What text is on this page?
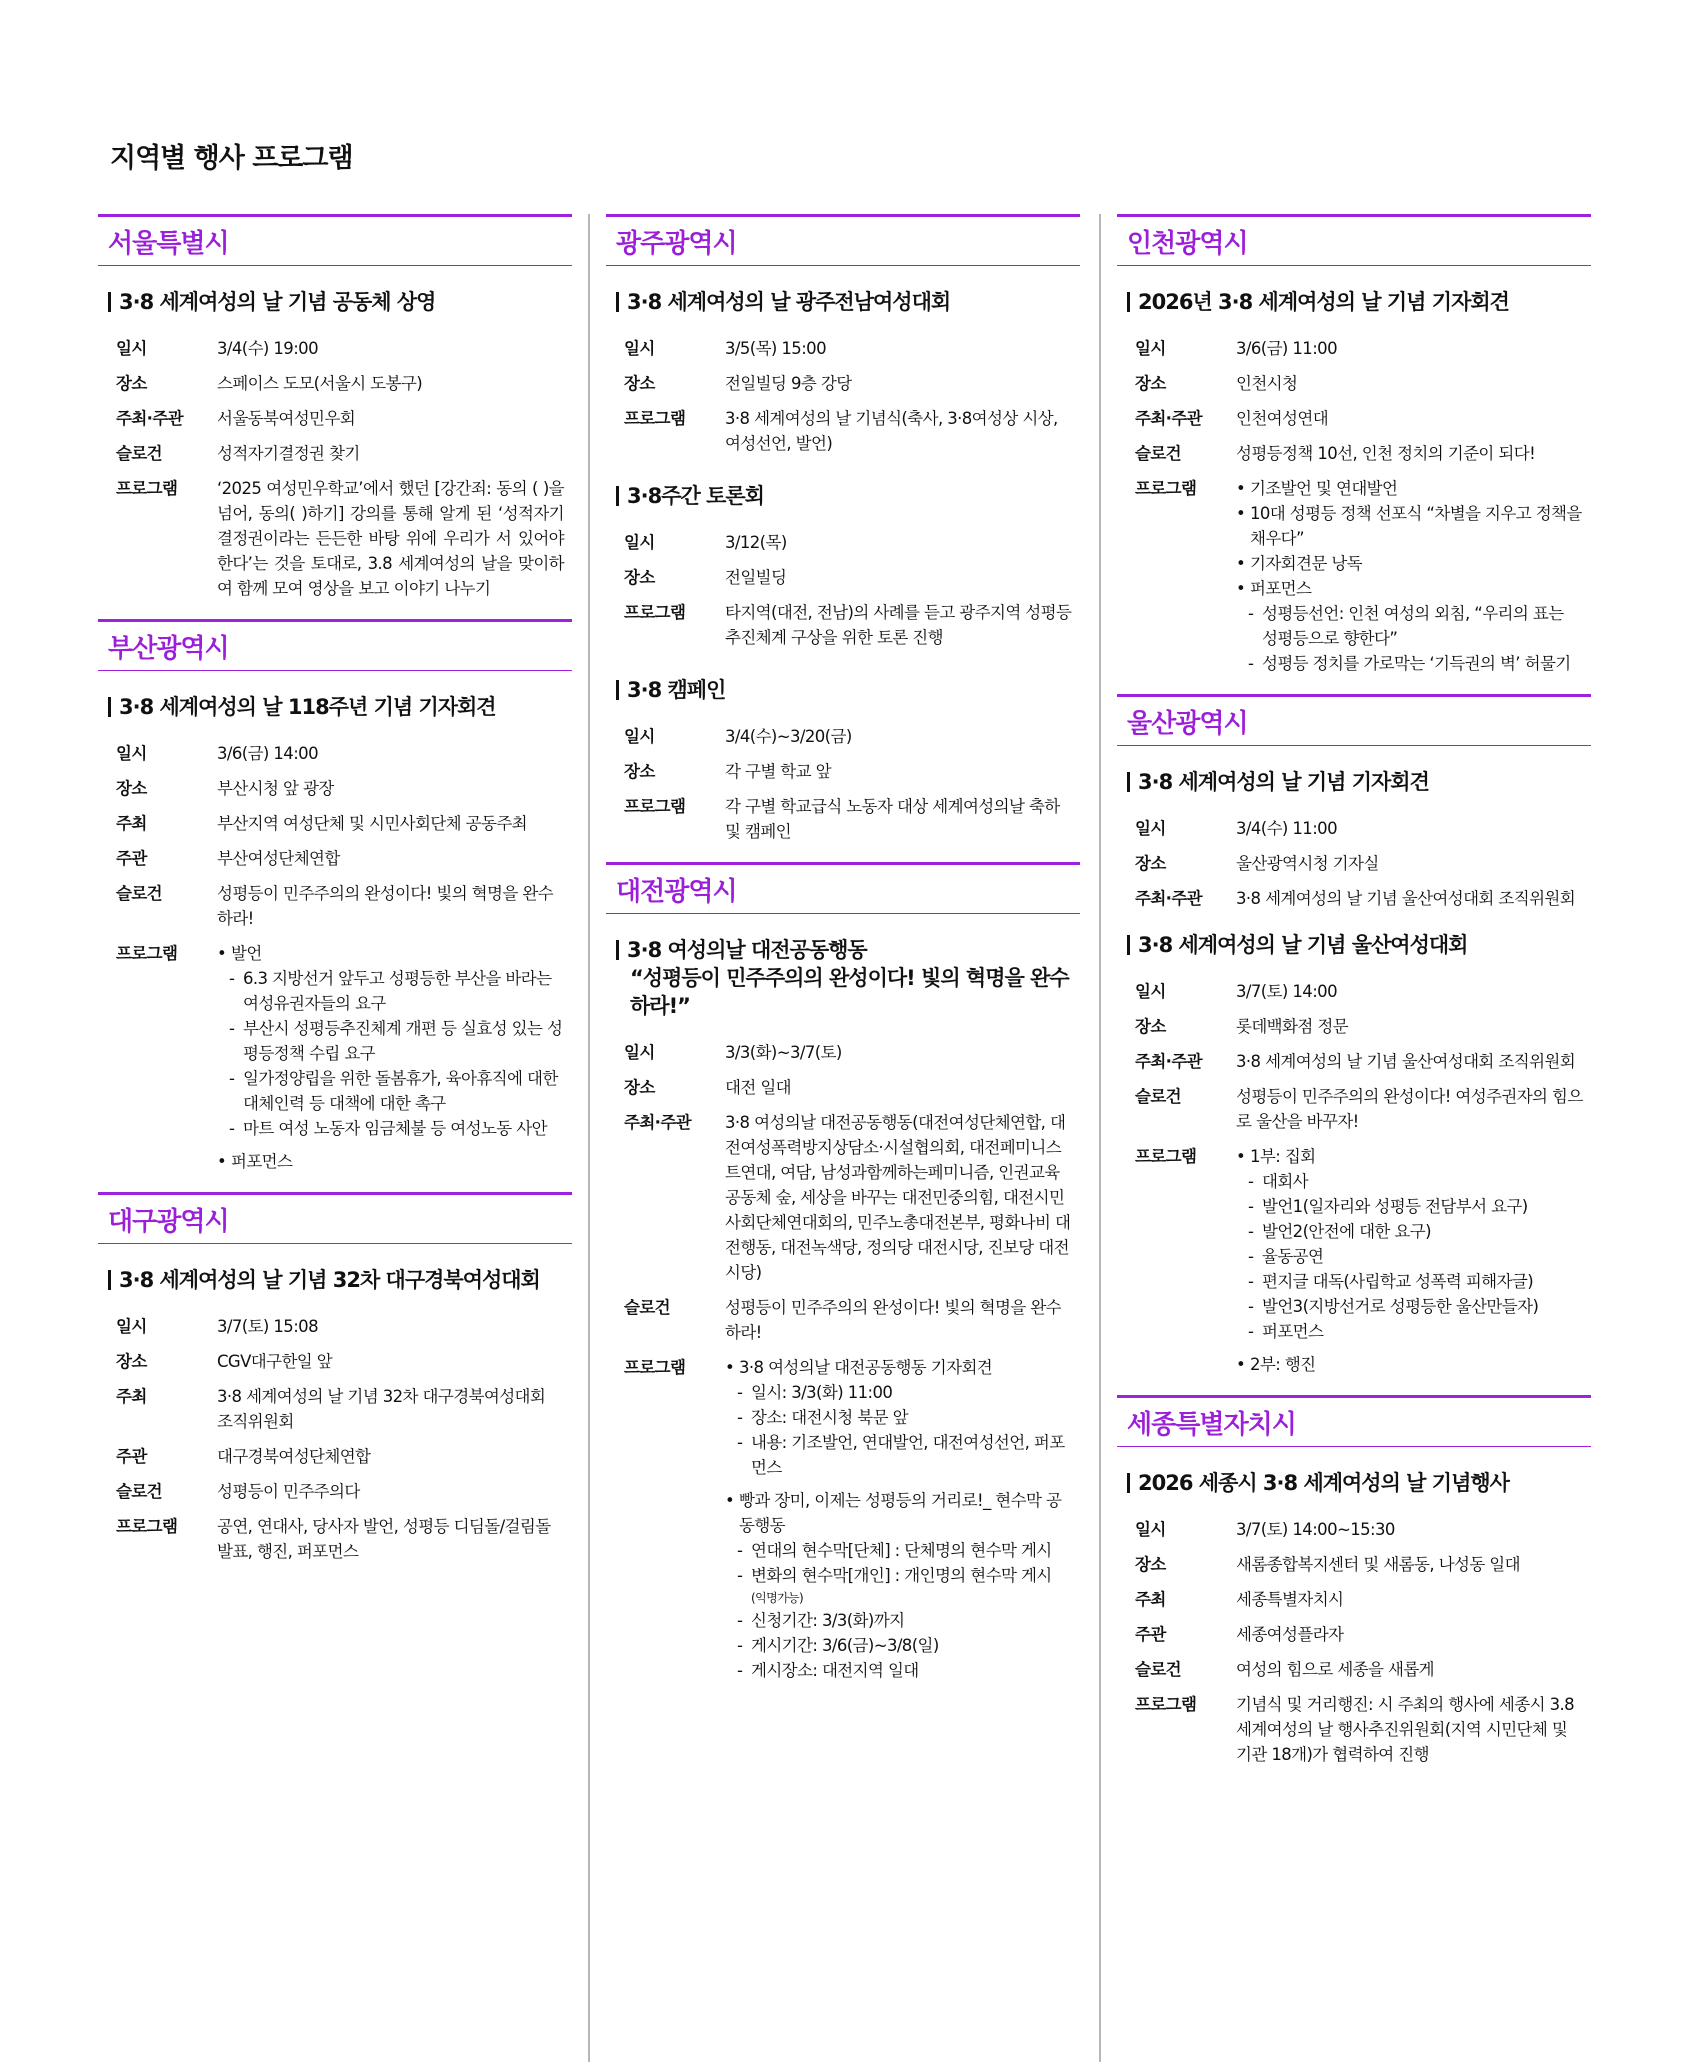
지역별 행사 프로그램
서울특별시
3·8 세계여성의 날 기념 공동체 상영
일시	3/4(수) 19:00
장소	스페이스 도모(서울시 도봉구)
주최·주관	서울동북여성민우회
슬로건	성적자기결정권 찾기
프로그램	‘2025 여성민우학교’에서 했던 [강간죄: 동의 ( )을 넘어, 동의( )하기] 강의를 통해 알게 된 ‘성적자기결정권이라는 든든한 바탕 위에 우리가 서 있어야 한다’는 것을 토대로, 3.8 세계여성의 날을 맞이하여 함께 모여 영상을 보고 이야기 나누기
부산광역시
3·8 세계여성의 날 118주년 기념 기자회견
일시	3/6(금) 14:00
장소	부산시청 앞 광장
주최	부산지역 여성단체 및 시민사회단체 공동주최
주관	부산여성단체연합
슬로건	성평등이 민주주의의 완성이다! 빛의 혁명을 완수하라!
프로그램	• 발언
- 6.3 지방선거 앞두고 성평등한 부산을 바라는 여성유권자들의 요구
- 부산시 성평등추진체계 개편 등 실효성 있는 성평등정책 수립 요구
- 일가정양립을 위한 돌봄휴가, 육아휴직에 대한 대체인력 등 대책에 대한 촉구
- 마트 여성 노동자 임금체불 등 여성노동 사안
• 퍼포먼스
대구광역시
3·8 세계여성의 날 기념 32차 대구경북여성대회
일시	3/7(토) 15:08
장소	CGV대구한일 앞
주최	3·8 세계여성의 날 기념 32차 대구경북여성대회 조직위원회
주관	대구경북여성단체연합
슬로건	성평등이 민주주의다
프로그램	공연, 연대사, 당사자 발언, 성평등 디딤돌/걸림돌 발표, 행진, 퍼포먼스
광주광역시
3·8 세계여성의 날 광주전남여성대회
일시	3/5(목) 15:00
장소	전일빌딩 9층 강당
프로그램	3·8 세계여성의 날 기념식(축사, 3·8여성상 시상, 여성선언, 발언)
3·8주간 토론회
일시	3/12(목)
장소	전일빌딩
프로그램	타지역(대전, 전남)의 사례를 듣고 광주지역 성평등 추진체계 구상을 위한 토론 진행
3·8 캠페인
일시	3/4(수)~3/20(금)
장소	각 구별 학교 앞
프로그램	각 구별 학교급식 노동자 대상 세계여성의날 축하 및 캠페인
대전광역시
3·8 여성의날 대전공동행동
“성평등이 민주주의의 완성이다! 빛의 혁명을 완수하라!”
일시	3/3(화)~3/7(토)
장소	대전 일대
주최·주관	3·8 여성의날 대전공동행동(대전여성단체연합, 대전여성폭력방지상담소·시설협의회, 대전페미니스트연대, 여담, 남성과함께하는페미니즘, 인권교육공동체 숲, 세상을 바꾸는 대전민중의힘, 대전시민사회단체연대회의, 민주노총대전본부, 평화나비 대전행동, 대전녹색당, 정의당 대전시당, 진보당 대전시당)
슬로건	성평등이 민주주의의 완성이다! 빛의 혁명을 완수하라!
프로그램	• 3·8 여성의날 대전공동행동 기자회견
- 일시: 3/3(화) 11:00
- 장소: 대전시청 북문 앞
- 내용: 기조발언, 연대발언, 대전여성선언, 퍼포먼스
• 빵과 장미, 이제는 성평등의 거리로!_ 현수막 공동행동
- 연대의 현수막[단체] : 단체명의 현수막 게시
- 변화의 현수막[개인] : 개인명의 현수막 게시
(익명가능)
- 신청기간: 3/3(화)까지
- 게시기간: 3/6(금)~3/8(일)
- 게시장소: 대전지역 일대
인천광역시
2026년 3·8 세계여성의 날 기념 기자회견
일시	3/6(금) 11:00
장소	인천시청
주최·주관	인천여성연대
슬로건	성평등정책 10선, 인천 정치의 기준이 되다!
프로그램	• 기조발언 및 연대발언
• 10대 성평등 정책 선포식 “차별을 지우고 정책을 채우다”
• 기자회견문 낭독
• 퍼포먼스
- 성평등선언: 인천 여성의 외침, “우리의 표는 성평등으로 향한다”
- 성평등 정치를 가로막는 ‘기득권의 벽’ 허물기
울산광역시
3·8 세계여성의 날 기념 기자회견
일시	3/4(수) 11:00
장소	울산광역시청 기자실
주최·주관	3·8 세계여성의 날 기념 울산여성대회 조직위원회
3·8 세계여성의 날 기념 울산여성대회
일시	3/7(토) 14:00
장소	롯데백화점 정문
주최·주관	3·8 세계여성의 날 기념 울산여성대회 조직위원회
슬로건	성평등이 민주주의의 완성이다! 여성주권자의 힘으로 울산을 바꾸자!
프로그램	• 1부: 집회
- 대회사
- 발언1(일자리와 성평등 전담부서 요구)
- 발언2(안전에 대한 요구)
- 율동공연
- 편지글 대독(사립학교 성폭력 피해자글)
- 발언3(지방선거로 성평등한 울산만들자)
- 퍼포먼스
• 2부: 행진
세종특별자치시
2026 세종시 3·8 세계여성의 날 기념행사
일시	3/7(토) 14:00~15:30
장소	새롬종합복지센터 및 새롬동, 나성동 일대
주최	세종특별자치시
주관	세종여성플라자
슬로건	여성의 힘으로 세종을 새롭게
프로그램	기념식 및 거리행진: 시 주최의 행사에 세종시 3.8 세계여성의 날 행사추진위원회(지역 시민단체 및 기관 18개)가 협력하여 진행
